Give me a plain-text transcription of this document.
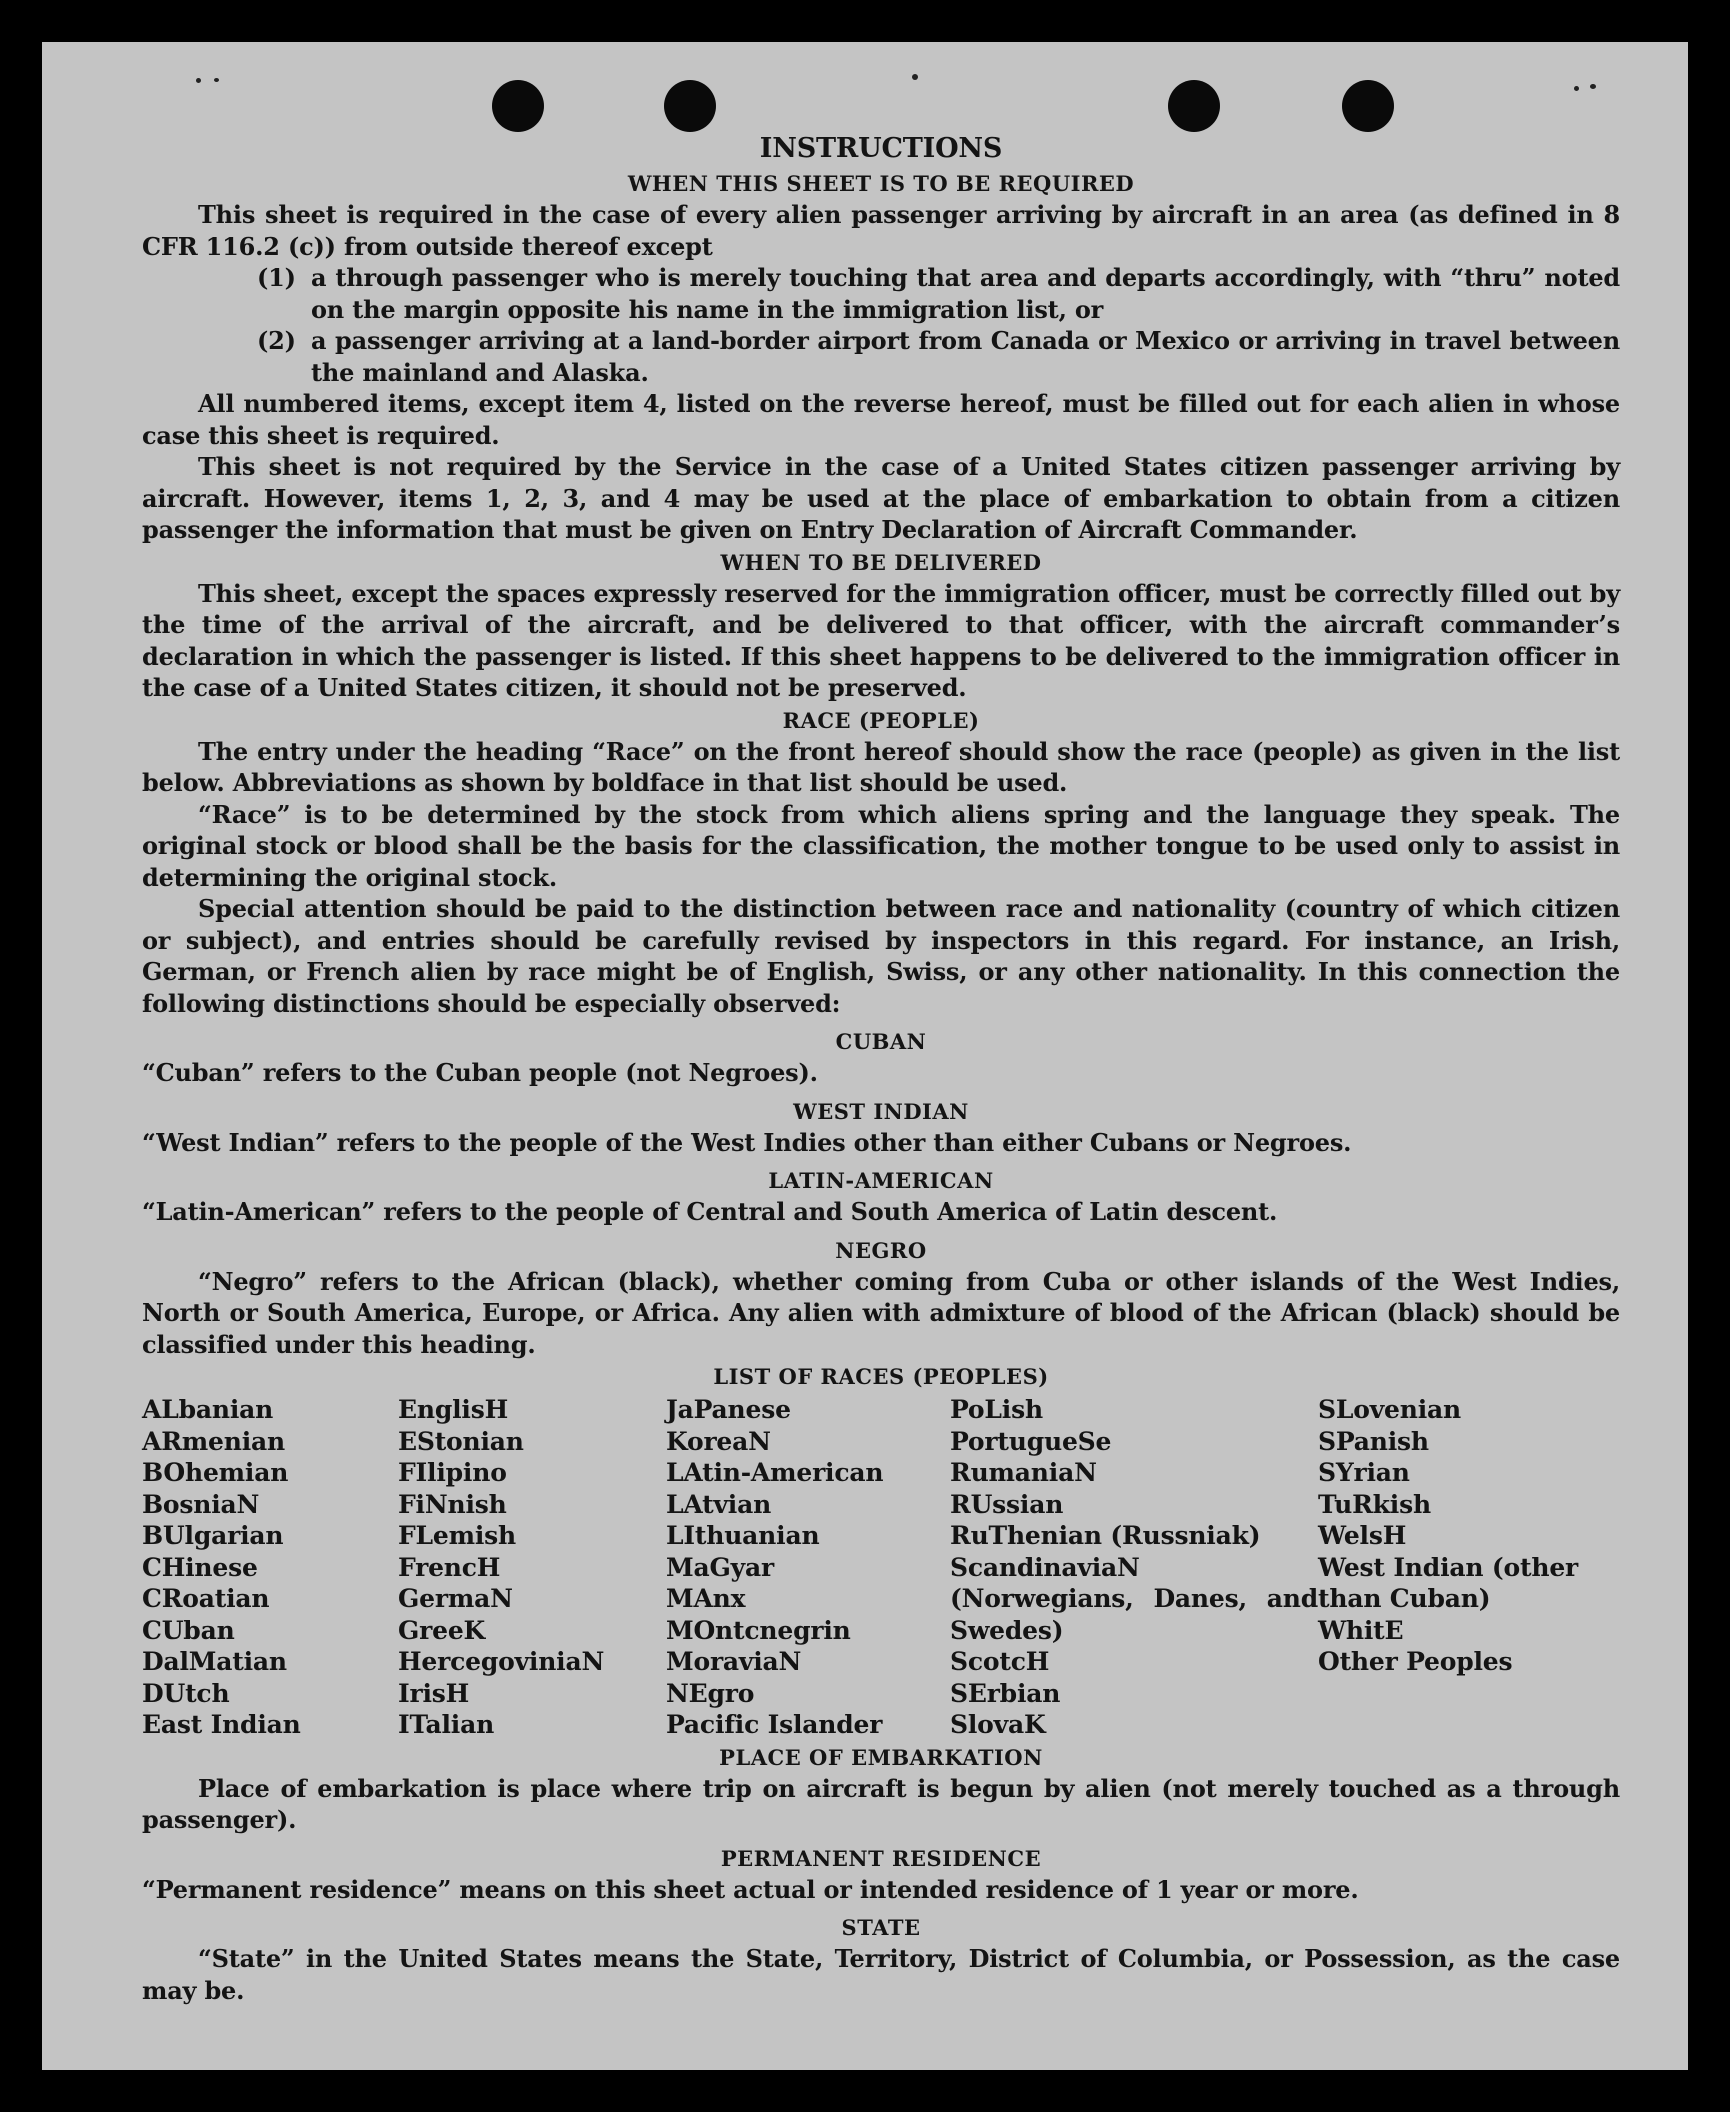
INSTRUCTIONS
WHEN THIS SHEET IS TO BE REQUIRED

This sheet is required in the case of every alien passenger arriving by aircraft in an area (as defined in 8 CFR 116.2 (c)) from outside thereof except

(1) a through passenger who is merely touching that area and departs accordingly, with “thru” noted on the margin opposite his name in the immigration list, or
(2) a passenger arriving at a land-border airport from Canada or Mexico or arriving in travel between the mainland and Alaska.

All numbered items, except item 4, listed on the reverse hereof, must be filled out for each alien in whose case this sheet is required.

This sheet is not required by the Service in the case of a United States citizen passenger arriving by aircraft. However, items 1, 2, 3, and 4 may be used at the place of embarkation to obtain from a citizen passenger the information that must be given on Entry Declaration of Aircraft Commander.

WHEN TO BE DELIVERED

This sheet, except the spaces expressly reserved for the immigration officer, must be correctly filled out by the time of the arrival of the aircraft, and be delivered to that officer, with the aircraft commander’s declaration in which the passenger is listed. If this sheet happens to be delivered to the immigration officer in the case of a United States citizen, it should not be preserved.

RACE (PEOPLE)

The entry under the heading “Race” on the front hereof should show the race (people) as given in the list below. Abbreviations as shown by boldface in that list should be used.

“Race” is to be determined by the stock from which aliens spring and the language they speak. The original stock or blood shall be the basis for the classification, the mother tongue to be used only to assist in determining the original stock.

Special attention should be paid to the distinction between race and nationality (country of which citizen or subject), and entries should be carefully revised by inspectors in this regard. For instance, an Irish, German, or French alien by race might be of English, Swiss, or any other nationality. In this connection the following distinctions should be especially observed:

CUBAN

“Cuban” refers to the Cuban people (not Negroes).

WEST INDIAN

“West Indian” refers to the people of the West Indies other than either Cubans or Negroes.

LATIN-AMERICAN

“Latin-American” refers to the people of Central and South America of Latin descent.

NEGRO

“Negro” refers to the African (black), whether coming from Cuba or other islands of the West Indies, North or South America, Europe, or Africa. Any alien with admixture of blood of the African (black) should be classified under this heading.

LIST OF RACES (PEOPLES)
ALbanian
ARmenian
BOhemian
BosniaN
BUlgarian
CHinese
CRoatian
CUban
DalMatian
DUtch
East Indian
EnglisH
EStonian
FIlipino
FiNnish
FLemish
FrencH
GermaN
GreeK
HercegoviniaN
IrisH
ITalian
JaPanese
KoreaN
LAtin-American
LAtvian
LIthuanian
MaGyar
MAnx
MOntcnegrin
MoraviaN
NEgro
Pacific Islander
PoLish
PortugueSe
RumaniaN
RUssian
RuThenian (Russniak)
ScandinaviaN (Norwegians, Danes, and Swedes)
ScotcH
SErbian
SlovaK
SLovenian
SPanish
SYrian
TuRkish
WelsH
West Indian (other than Cuban)
WhitE
Other Peoples
PLACE OF EMBARKATION

Place of embarkation is place where trip on aircraft is begun by alien (not merely touched as a through passenger).

PERMANENT RESIDENCE

“Permanent residence” means on this sheet actual or intended residence of 1 year or more.

STATE

“State” in the United States means the State, Territory, District of Columbia, or Possession, as the case may be.
